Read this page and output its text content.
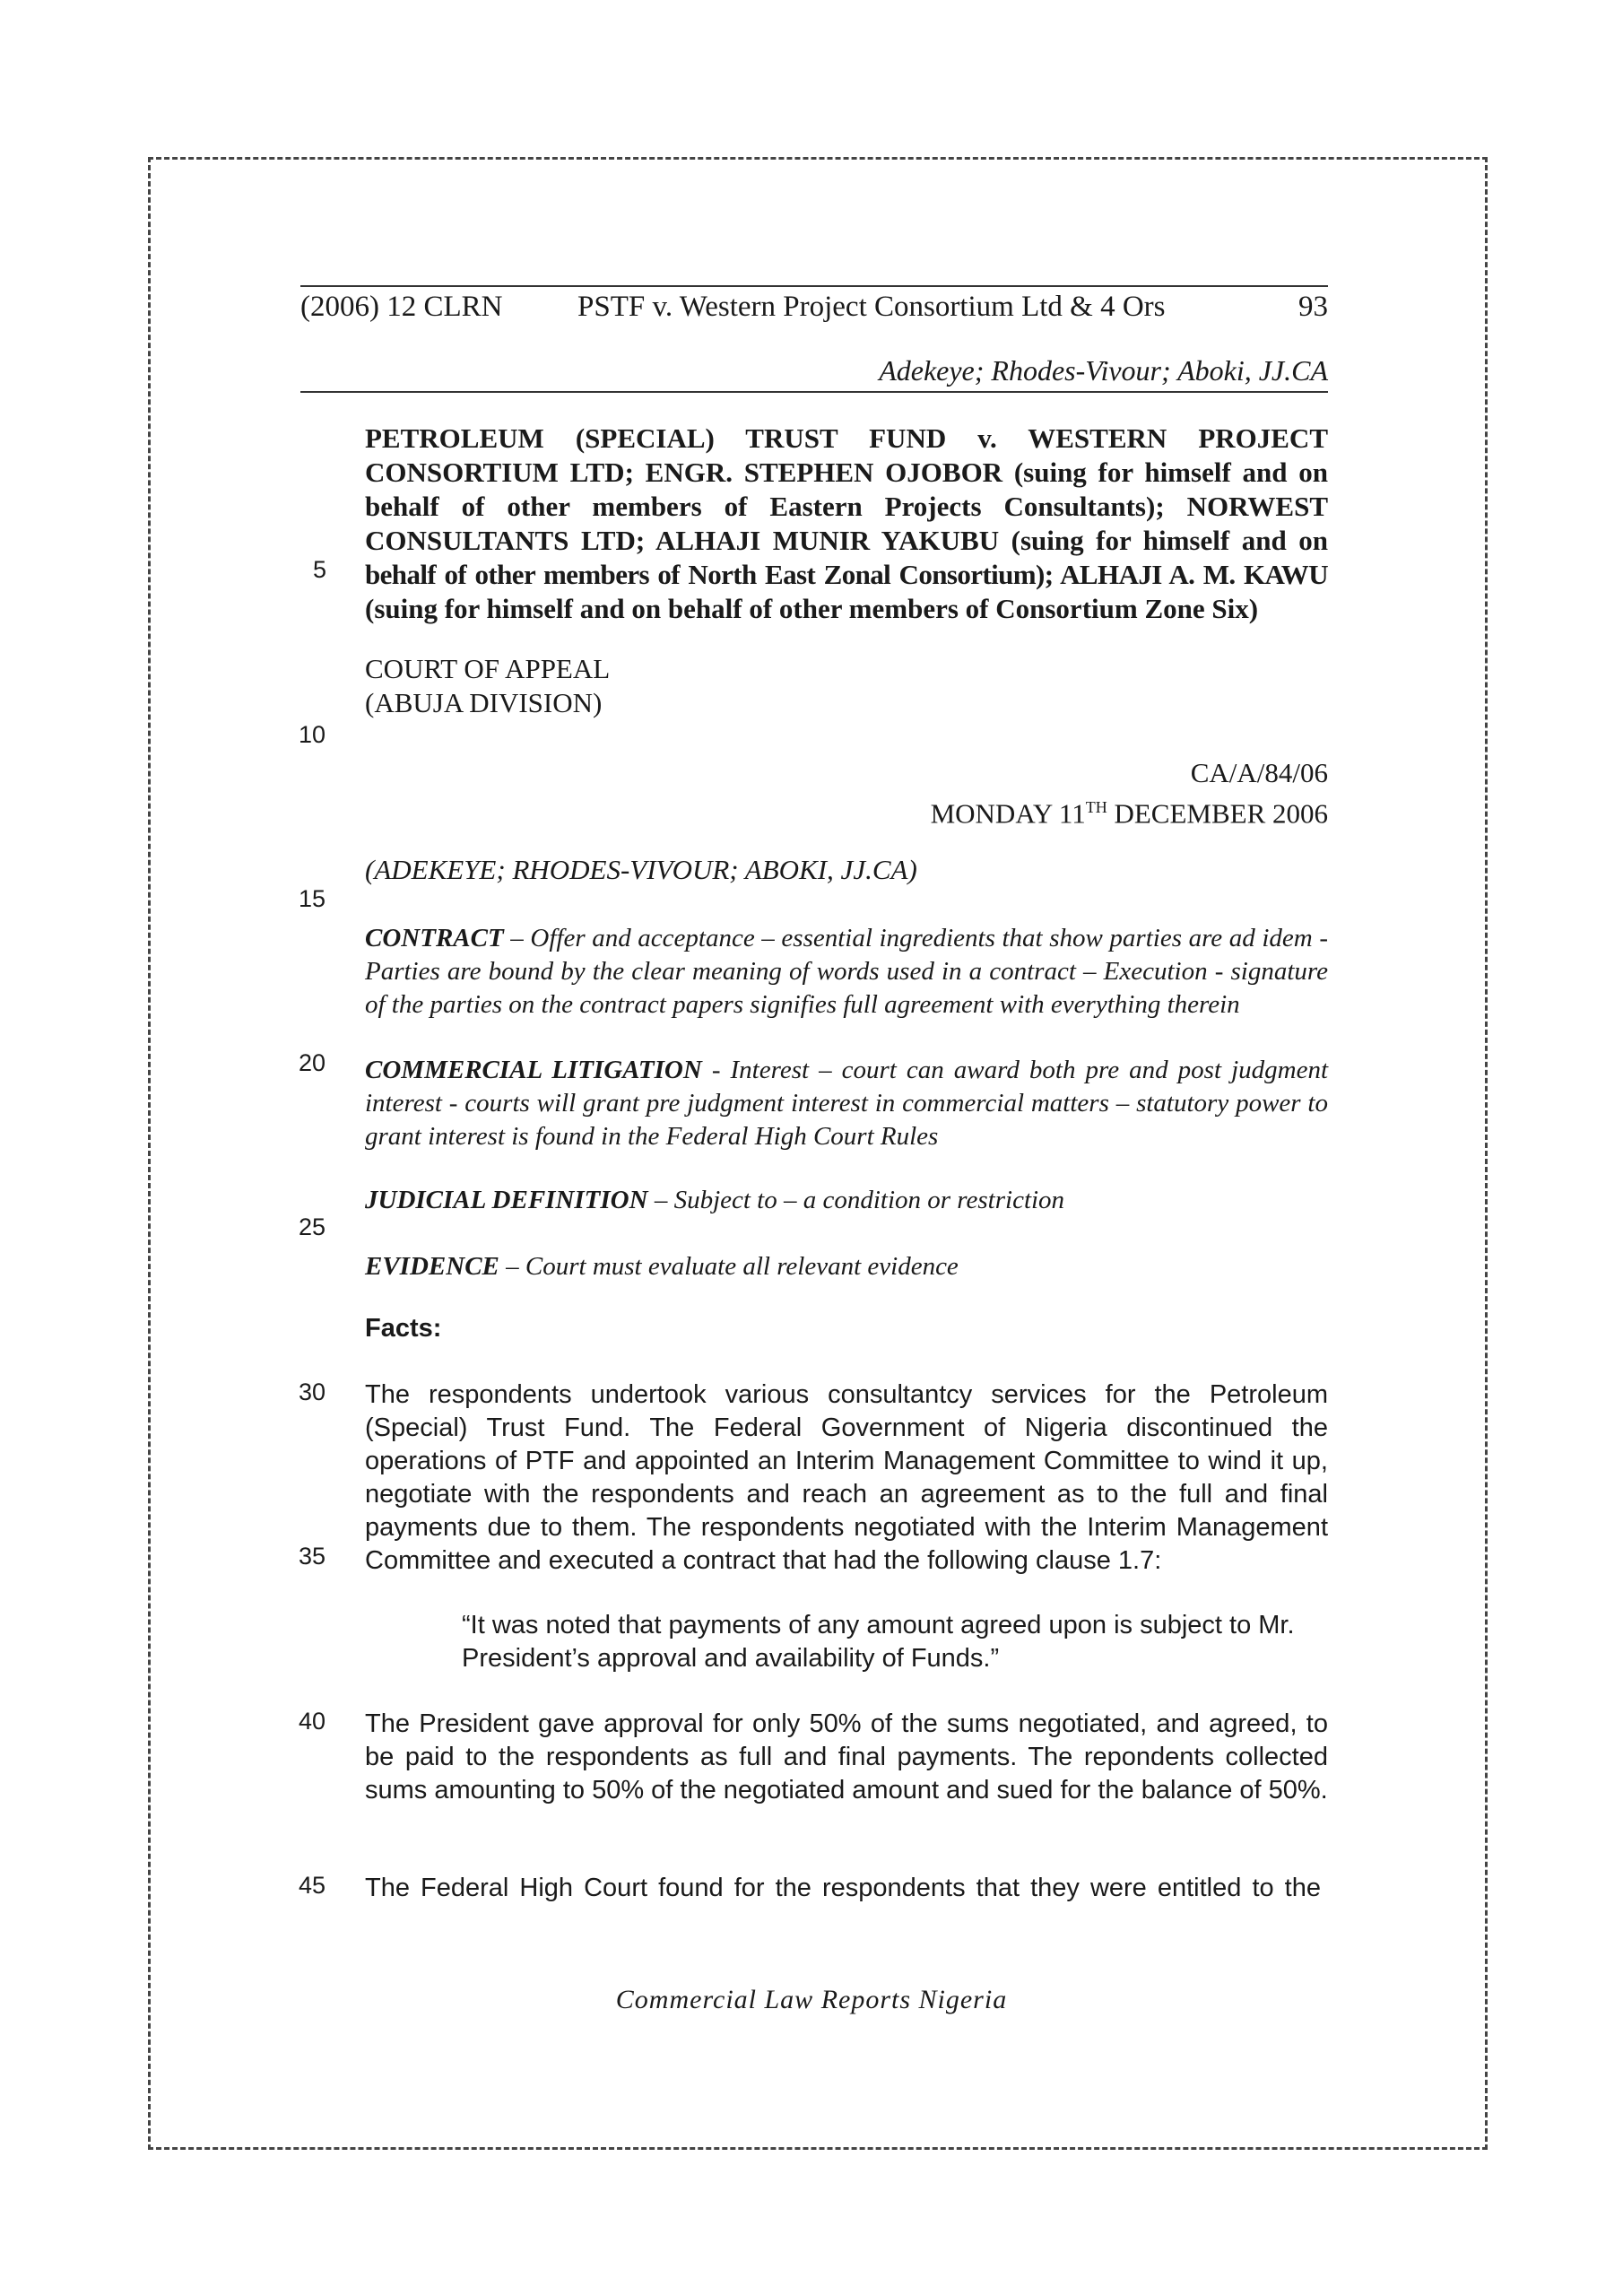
(2006) 12 CLRN	PSTF v. Western Project Consortium Ltd & 4 Ors	93
Adekeye; Rhodes-Vivour; Aboki, JJ.CA
PETROLEUM (SPECIAL) TRUST FUND v. WESTERN PROJECT
CONSORTIUM LTD; ENGR. STEPHEN OJOBOR (suing for himself and on
behalf of other members of Eastern Projects Consultants); NORWEST
CONSULTANTS LTD; ALHAJI MUNIR YAKUBU (suing for himself and on
behalf of other members of North East Zonal Consortium); ALHAJI A. M. KAWU
(suing for himself and on behalf of other members of Consortium Zone Six)
COURT OF APPEAL
(ABUJA DIVISION)
CA/A/84/06
MONDAY 11TH DECEMBER 2006
(ADEKEYE; RHODES-VIVOUR; ABOKI, JJ.CA)
CONTRACT – Offer and acceptance – essential ingredients that show parties are ad idem - Parties are bound by the clear meaning of words used in a contract – Execution - signature of the parties on the contract papers signifies full agreement with everything therein
COMMERCIAL LITIGATION - Interest – court can award both pre and post judgment interest - courts will grant pre judgment interest in commercial matters – statutory power to grant interest is found in the Federal High Court Rules
JUDICIAL DEFINITION – Subject to – a condition or restriction
EVIDENCE – Court must evaluate all relevant evidence
Facts:
The respondents undertook various consultantcy services for the Petroleum (Special) Trust Fund. The Federal Government of Nigeria discontinued the operations of PTF and appointed an Interim Management Committee to wind it up, negotiate with the respondents and reach an agreement as to the full and final payments due to them. The respondents negotiated with the Interim Management Committee and executed a contract that had the following clause 1.7:
“It was noted that payments of any amount agreed upon is subject to Mr. President’s approval and availability of Funds.”
The President gave approval for only 50% of the sums negotiated, and agreed, to be paid to the respondents as full and final payments. The repondents collected sums amounting to 50% of the negotiated amount and sued for the balance of 50%.
The Federal High Court found for the respondents that they were entitled to the
5
10
15
20
25
30
35
40
45
Commercial Law Reports Nigeria
